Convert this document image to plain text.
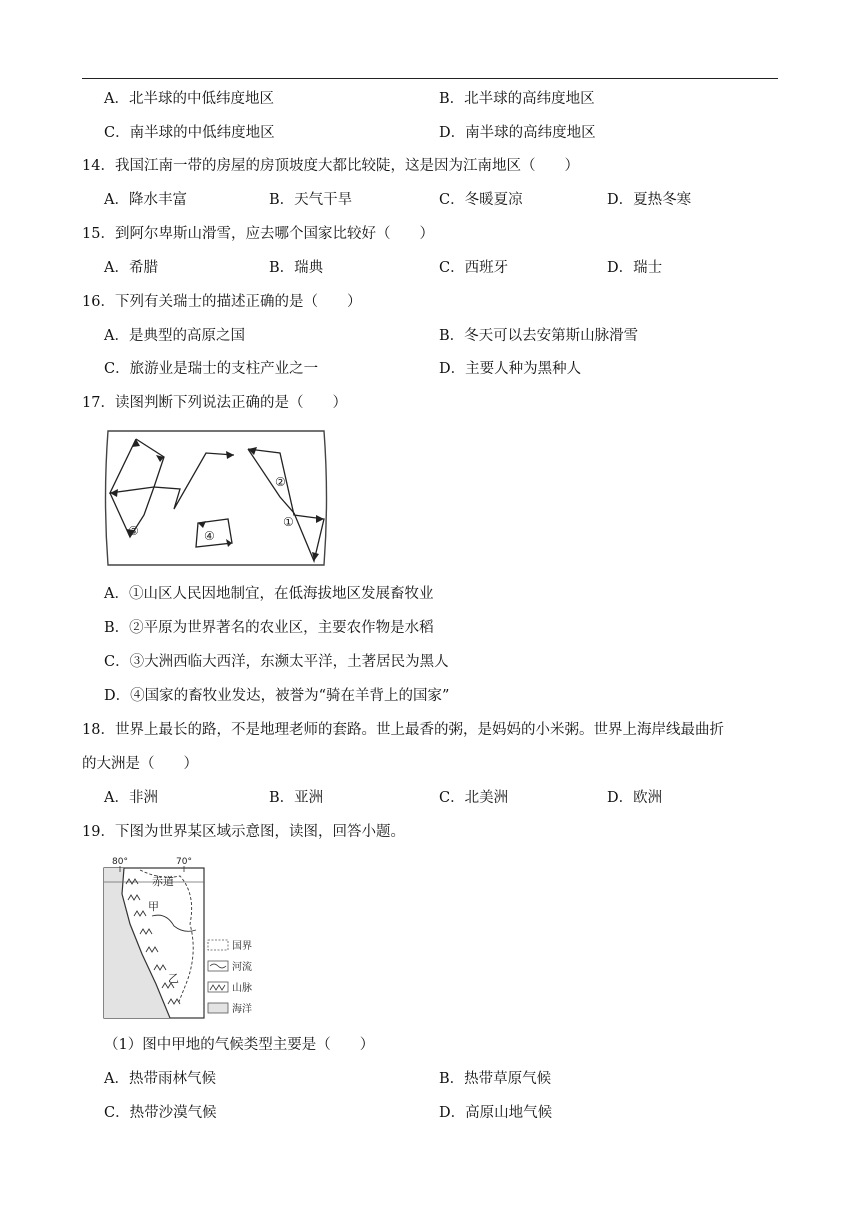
A．北半球的中低纬度地区	B．北半球的高纬度地区
C．南半球的中低纬度地区	D．南半球的高纬度地区
14．我国江南一带的房屋的房顶坡度大都比较陡，这是因为江南地区（　　）
A．降水丰富	B．天气干旱	C．冬暖夏凉	D．夏热冬寒
15．到阿尔卑斯山滑雪，应去哪个国家比较好（　　）
A．希腊	B．瑞典	C．西班牙	D．瑞士
16．下列有关瑞士的描述正确的是（　　）
A．是典型的高原之国	B．冬天可以去安第斯山脉滑雪
C．旅游业是瑞士的支柱产业之一	D．主要人种为黑种人
17．读图判断下列说法正确的是（　　）
①
②
③	④
A．①山区人民因地制宜，在低海拔地区发展畜牧业
B．②平原为世界著名的农业区，主要农作物是水稻
C．③大洲西临大西洋，东濒太平洋，土著居民为黑人
D．④国家的畜牧业发达，被誉为“骑在羊背上的国家”
18．世界上最长的路，不是地理老师的套路。世上最香的粥，是妈妈的小米粥。世界上海岸线最曲折
的大洲是（　　）
A．非洲	B．亚洲	C．北美洲	D．欧洲
19．下图为世界某区域示意图，读图，回答小题。
80°	70°
赤道
甲
乙
国界
河流
山脉
海洋
（1）图中甲地的气候类型主要是（　　）
A．热带雨林气候	B．热带草原气候
C．热带沙漠气候	D．高原山地气候
